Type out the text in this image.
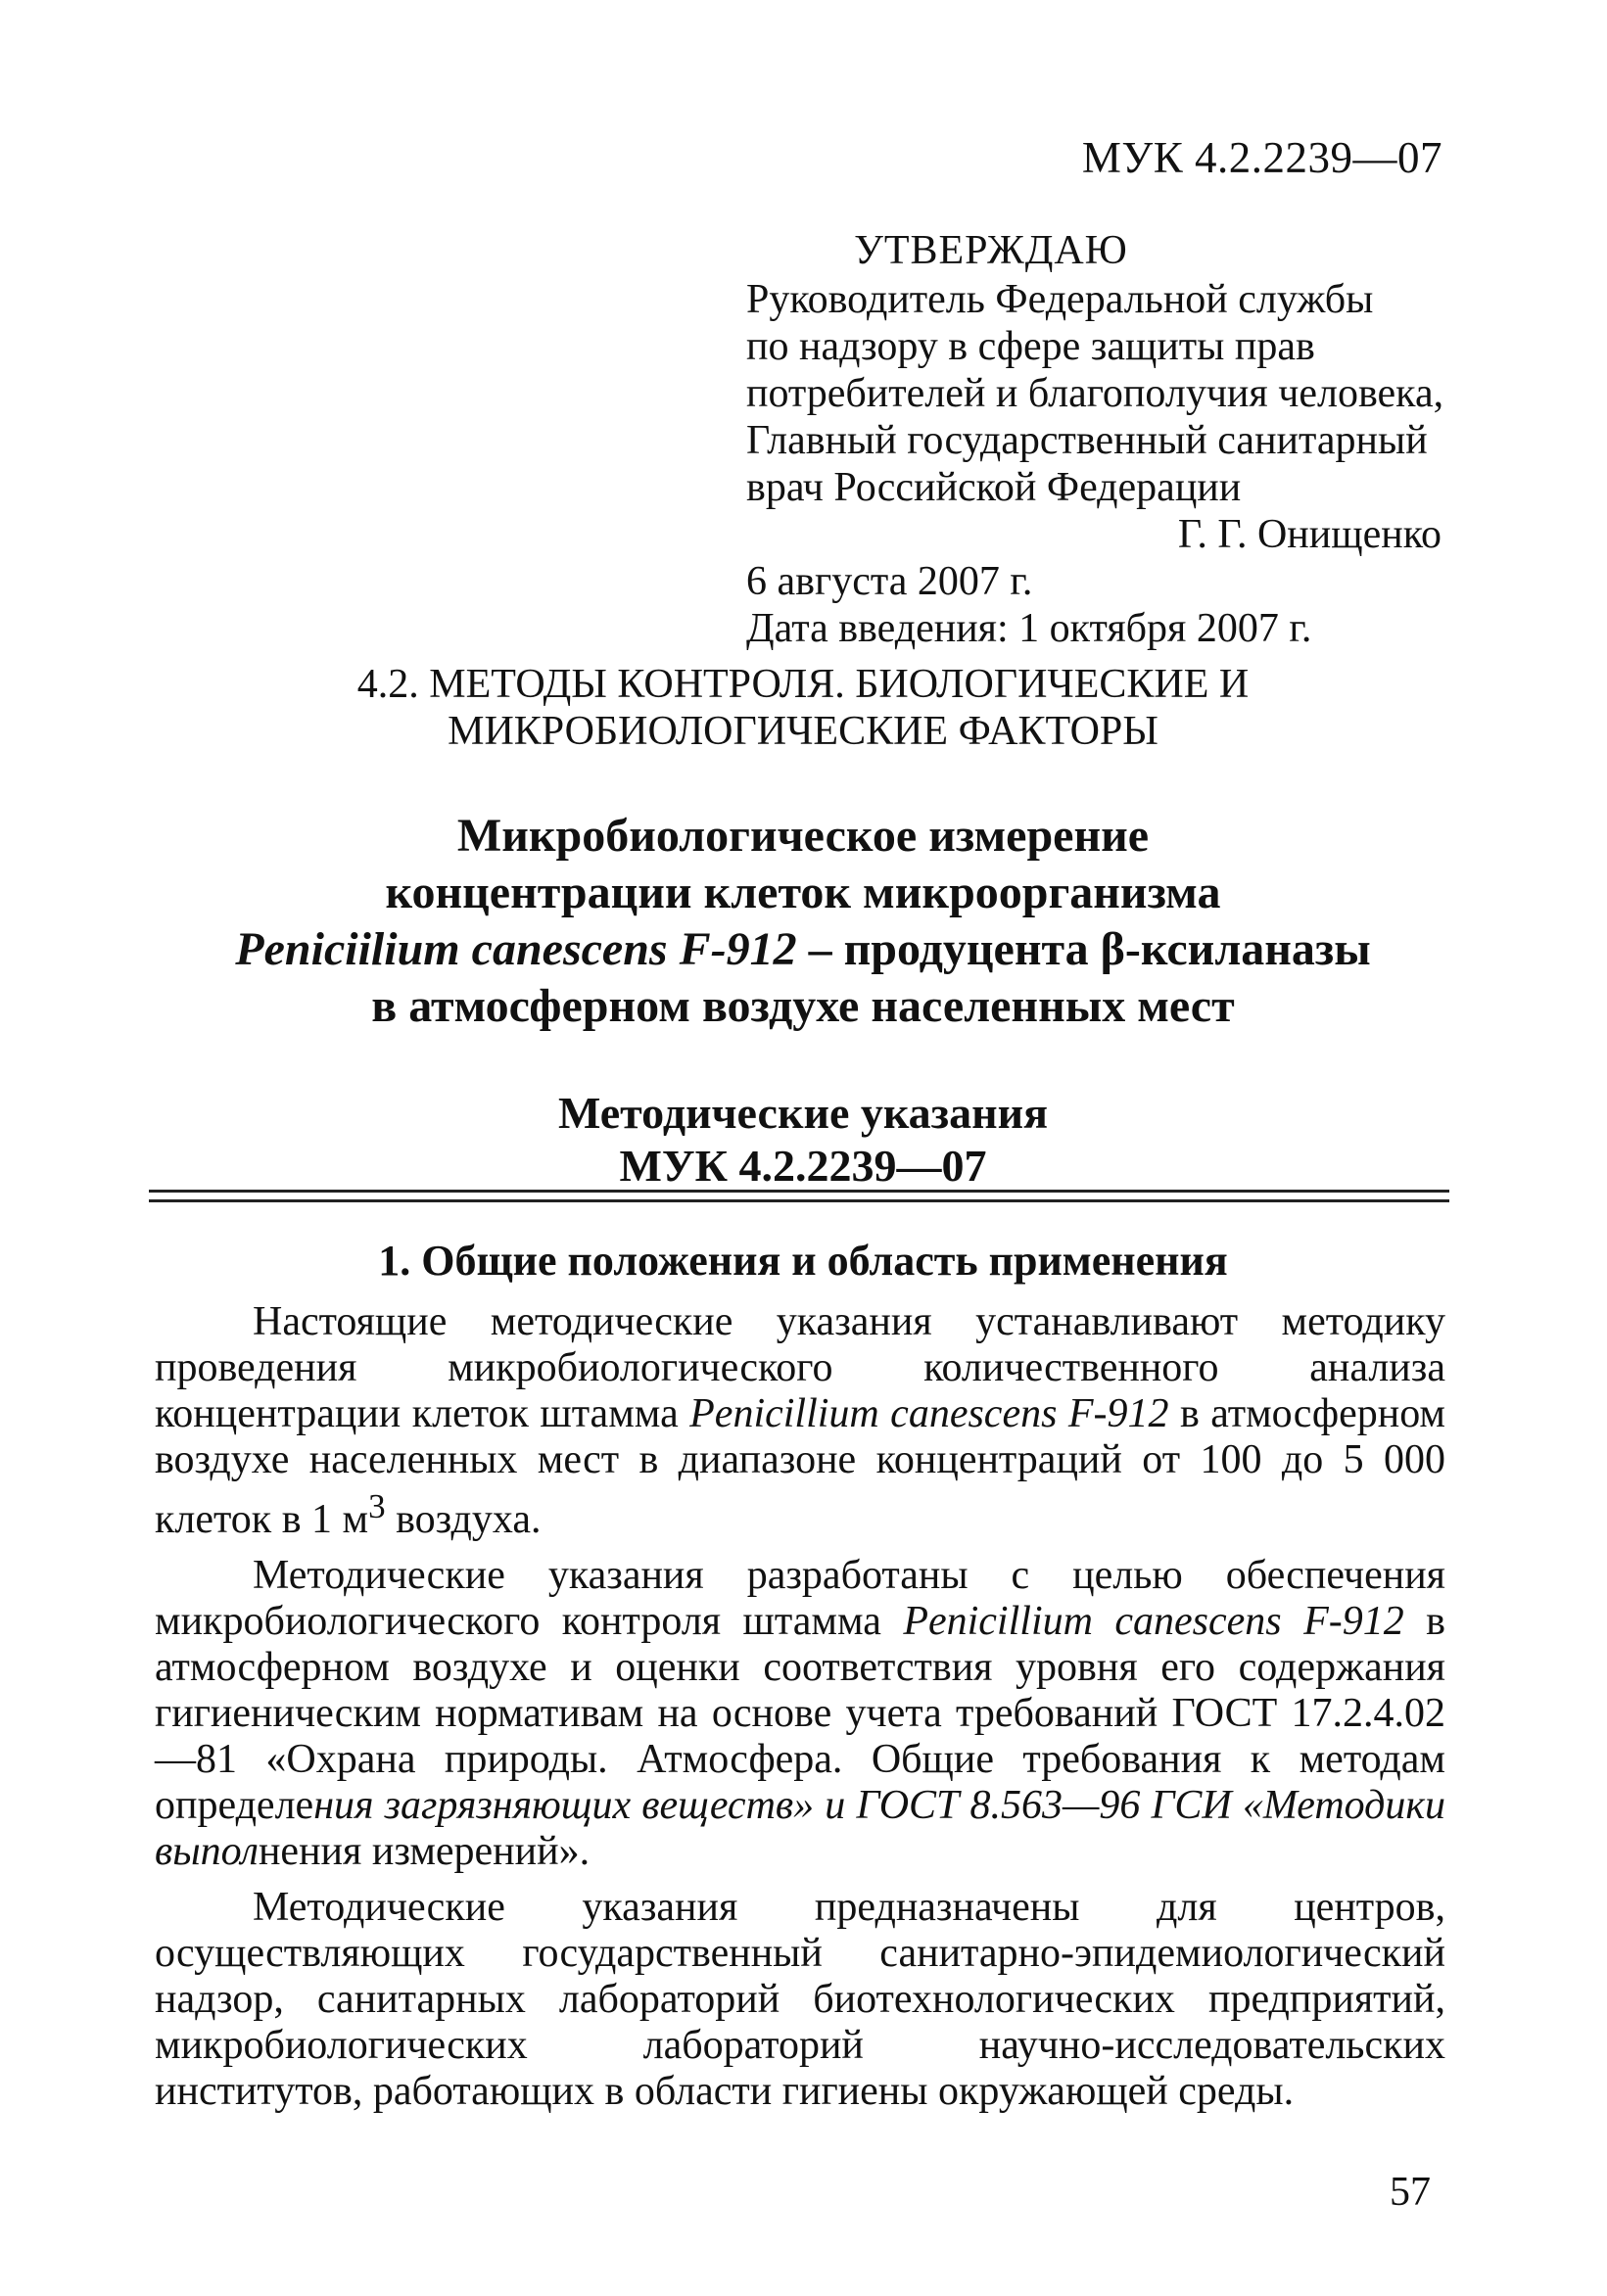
МУК 4.2.2239—07
УТВЕРЖДАЮ
Руководитель Федеральной службы
по надзору в сфере защиты прав
потребителей и благополучия человека,
Главный государственный санитарный
врач Российской Федерации
Г. Г. Онищенко
6 августа 2007 г.
Дата введения: 1 октября 2007 г.
4.2. МЕТОДЫ КОНТРОЛЯ. БИОЛОГИЧЕСКИЕ И
МИКРОБИОЛОГИЧЕСКИЕ ФАКТОРЫ
Микробиологическое измерение
концентрации клеток микроорганизма
Peniciilium canescens F-912 – продуцента β-ксиланазы
в атмосферном воздухе населенных мест
Методические указания
МУК 4.2.2239—07
1. Общие положения и область применения

Настоящие методические указания устанавливают методику проведения микробиологического количественного анализа концентрации клеток штамма Penicillium canescens F-912 в атмосферном воздухе населенных мест в диапазоне концентраций от 100 до 5 000 клеток в 1 $м^3$ воздуха.

Методические указания разработаны с целью обеспечения микробиологического контроля штамма Penicillium canescens F-912 в атмосферном воздухе и оценки соответствия уровня его содержания гигиеническим нормативам на основе учета требований ГОСТ 17.2.4.02—81 «Охрана природы. Атмосфера. Общие требования к методам определения загрязняющих веществ» и ГОСТ 8.563—96 ГСИ «Методики выполнения измерений».

Методические указания предназначены для центров, осуществляющих государственный санитарно-эпидемиологический надзор, санитарных лабораторий биотехнологических предприятий, микробиологических лабораторий научно-исследовательских институтов, работающих в области гигиены окружающей среды.

57
